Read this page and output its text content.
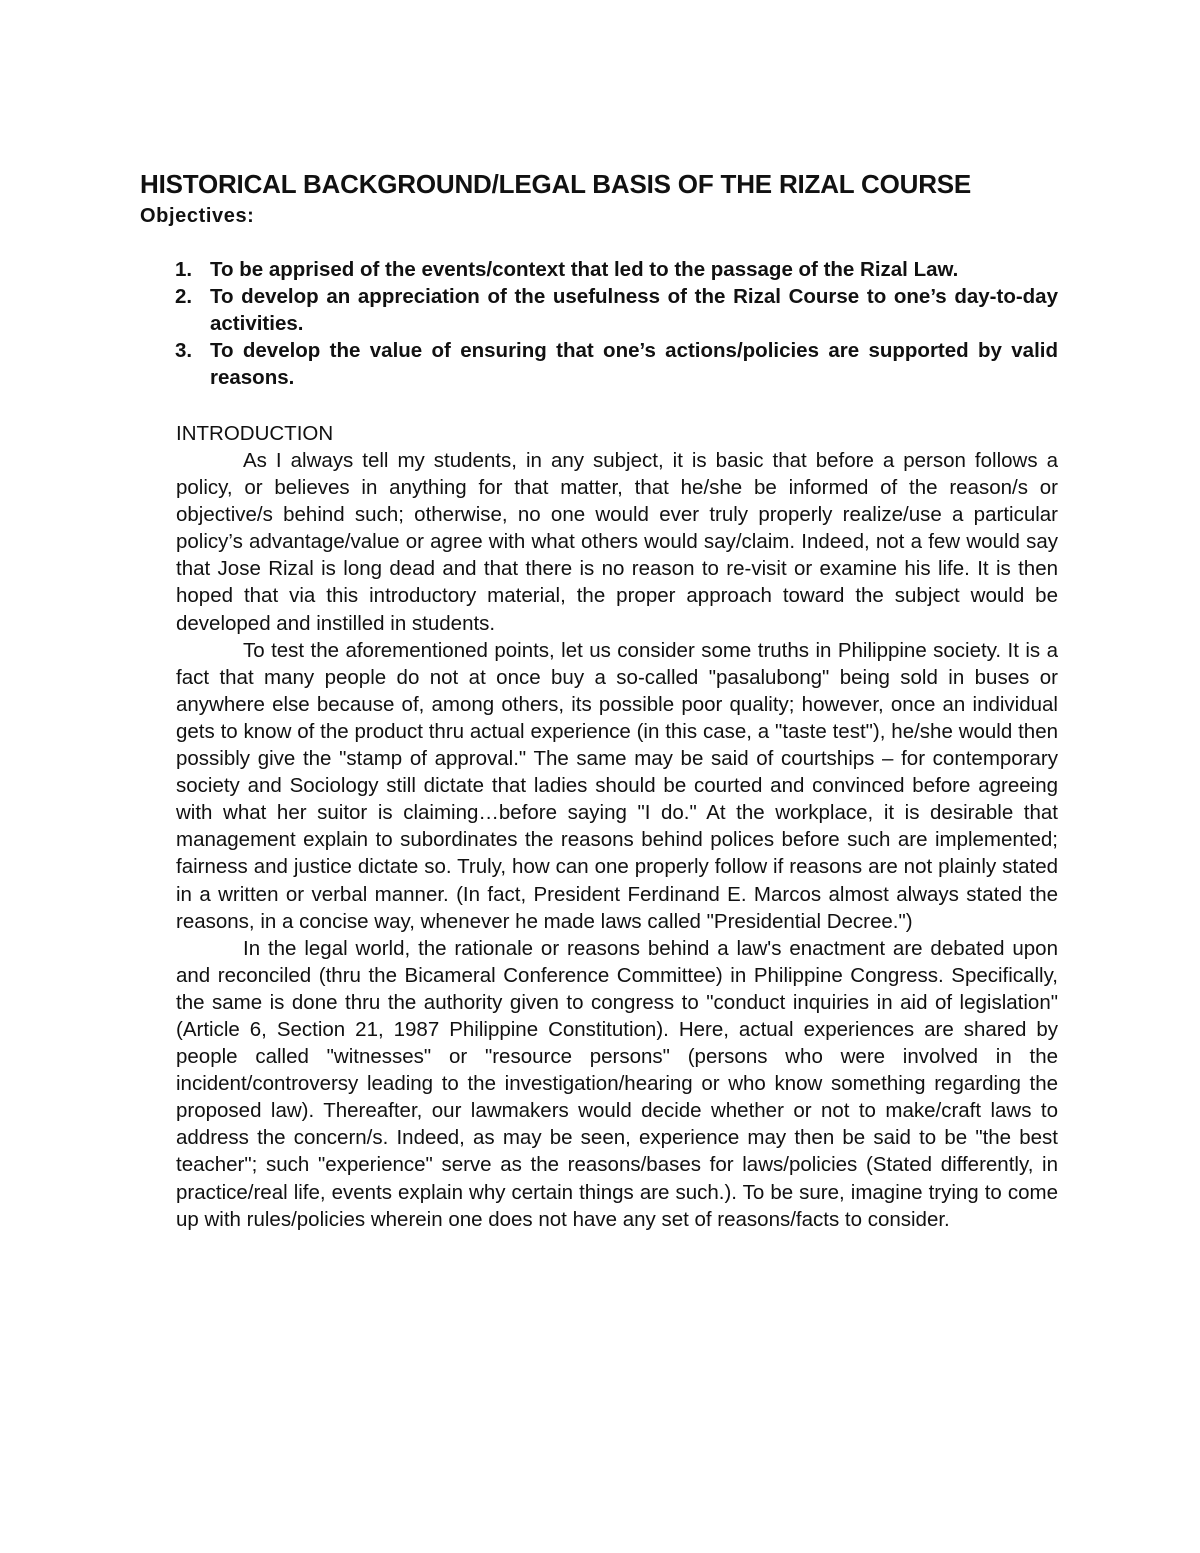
HISTORICAL BACKGROUND/LEGAL BASIS OF THE RIZAL COURSE

Objectives:

1. To be apprised of the events/context that led to the passage of the Rizal Law.
2. To develop an appreciation of the usefulness of the Rizal Course to one’s day-to-day activities.
3. To develop the value of ensuring that one’s actions/policies are supported by valid reasons.
INTRODUCTION

As I always tell my students, in any subject, it is basic that before a person follows a policy, or believes in anything for that matter, that he/she be informed of the reason/s or objective/s behind such; otherwise, no one would ever truly properly realize/use a particular policy’s advantage/value or agree with what others would say/claim. Indeed, not a few would say that Jose Rizal is long dead and that there is no reason to re-visit or examine his life. It is then hoped that via this introductory material, the proper approach toward the subject would be developed and instilled in students.

To test the aforementioned points, let us consider some truths in Philippine society. It is a fact that many people do not at once buy a so-called "pasalubong" being sold in buses or anywhere else because of, among others, its possible poor quality; however, once an individual gets to know of the product thru actual experience (in this case, a "taste test"), he/she would then possibly give the "stamp of approval." The same may be said of courtships – for contemporary society and Sociology still dictate that ladies should be courted and convinced before agreeing with what her suitor is claiming…before saying "I do." At the workplace, it is desirable that management explain to subordinates the reasons behind polices before such are implemented; fairness and justice dictate so. Truly, how can one properly follow if reasons are not plainly stated in a written or verbal manner. (In fact, President Ferdinand E. Marcos almost always stated the reasons, in a concise way, whenever he made laws called "Presidential Decree.")

In the legal world, the rationale or reasons behind a law's enactment are debated upon and reconciled (thru the Bicameral Conference Committee) in Philippine Congress. Specifically, the same is done thru the authority given to congress to "conduct inquiries in aid of legislation" (Article 6, Section 21, 1987 Philippine Constitution). Here, actual experiences are shared by people called "witnesses" or "resource persons" (persons who were involved in the incident/controversy leading to the investigation/hearing or who know something regarding the proposed law). Thereafter, our lawmakers would decide whether or not to make/craft laws to address the concern/s. Indeed, as may be seen, experience may then be said to be "the best teacher"; such "experience" serve as the reasons/bases for laws/policies (Stated differently, in practice/real life, events explain why certain things are such.). To be sure, imagine trying to come up with rules/policies wherein one does not have any set of reasons/facts to consider.
